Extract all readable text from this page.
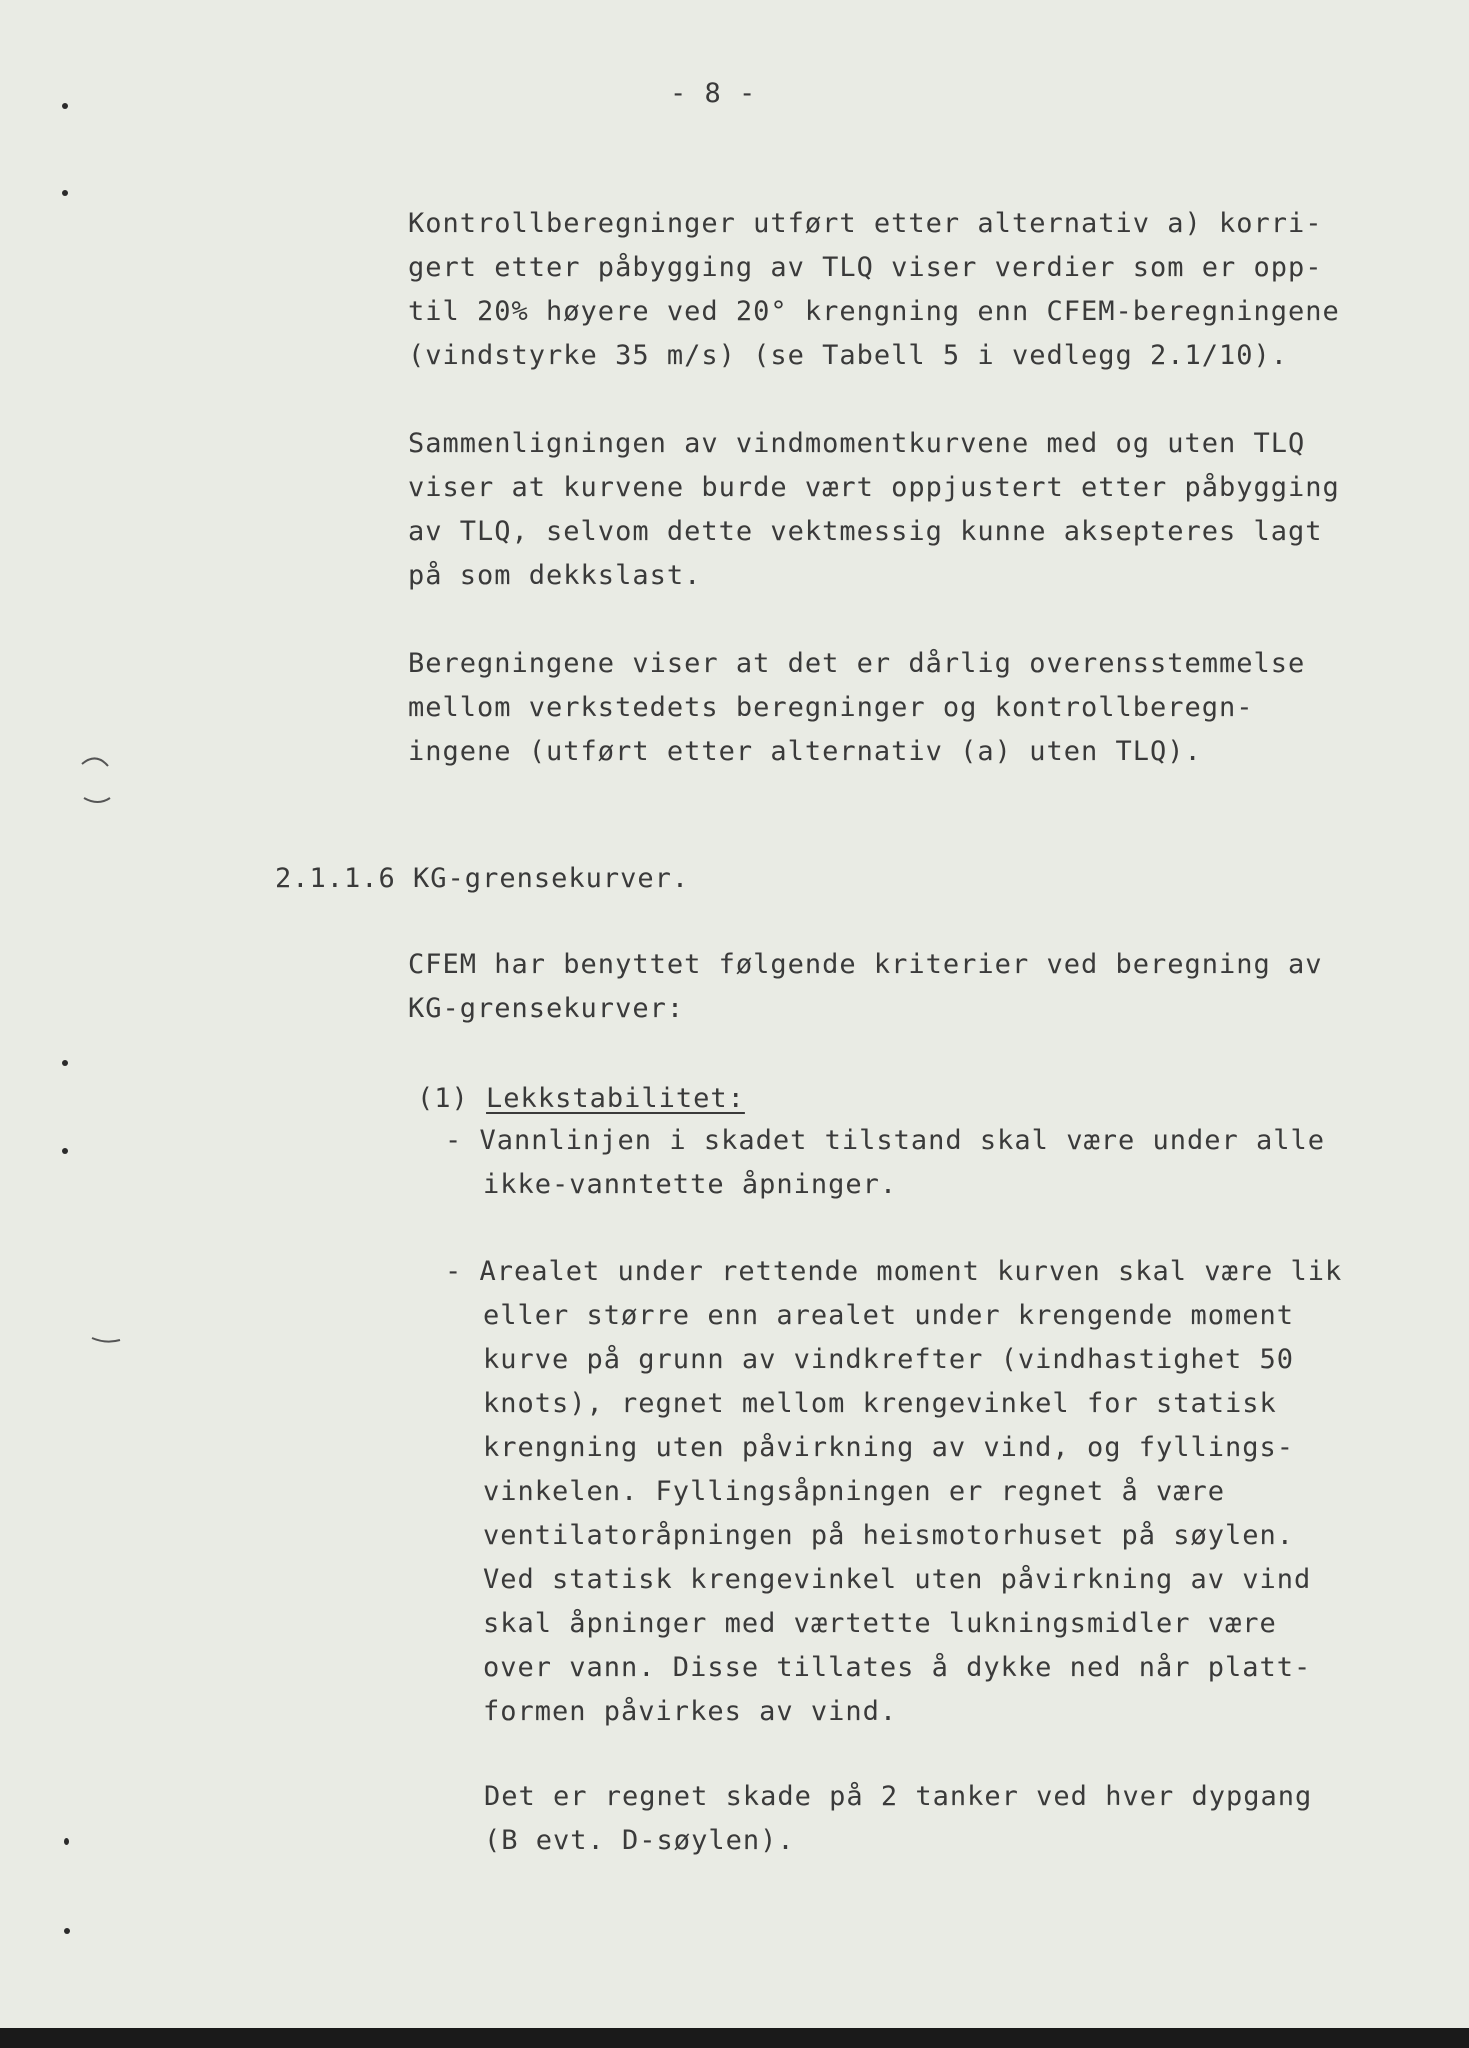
- 8 -
Kontrollberegninger utført etter alternativ a) korri-
gert etter påbygging av TLQ viser verdier som er opp-
til 20% høyere ved 20° krengning enn CFEM-beregningene
(vindstyrke 35 m/s) (se Tabell 5 i vedlegg 2.1/10).
Sammenligningen av vindmomentkurvene med og uten TLQ
viser at kurvene burde vært oppjustert etter påbygging
av TLQ, selvom dette vektmessig kunne aksepteres lagt
på som dekkslast.
Beregningene viser at det er dårlig overensstemmelse
mellom verkstedets beregninger og kontrollberegn-
ingene (utført etter alternativ (a) uten TLQ).
2.1.1.6 KG-grensekurver.
CFEM har benyttet følgende kriterier ved beregning av
KG-grensekurver:
(1) Lekkstabilitet:
- Vannlinjen i skadet tilstand skal være under alle
ikke-vanntette åpninger.
- Arealet under rettende moment kurven skal være lik
eller større enn arealet under krengende moment
kurve på grunn av vindkrefter (vindhastighet 50
knots), regnet mellom krengevinkel for statisk
krengning uten påvirkning av vind, og fyllings-
vinkelen. Fyllingsåpningen er regnet å være
ventilatoråpningen på heismotorhuset på søylen.
Ved statisk krengevinkel uten påvirkning av vind
skal åpninger med værtette lukningsmidler være
over vann. Disse tillates å dykke ned når platt-
formen påvirkes av vind.
Det er regnet skade på 2 tanker ved hver dypgang
(B evt. D-søylen).
